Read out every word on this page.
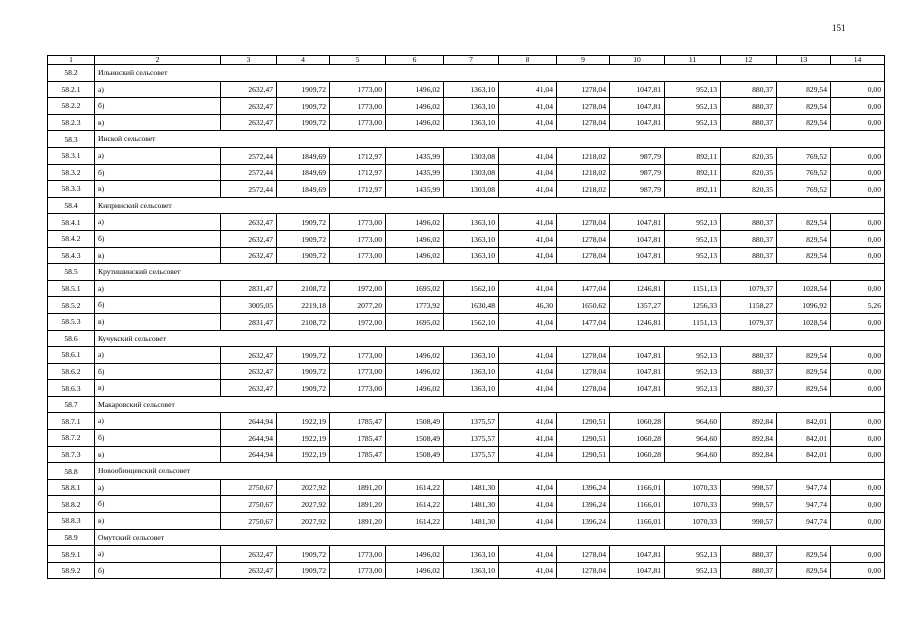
151
1	2	3	4	5	6	7	8	9	10	11	12	13	14
58.2	Ильинский сельсовет												
58.2.1	а)	2632,47	1909,72	1773,00	1496,02	1363,10	41,04	1278,04	1047,81	952,13	880,37	829,54	0,00
58.2.2	б)	2632,47	1909,72	1773,00	1496,02	1363,10	41,04	1278,04	1047,81	952,13	880,37	829,54	0,00
58.2.3	в)	2632,47	1909,72	1773,00	1496,02	1363,10	41,04	1278,04	1047,81	952,13	880,37	829,54	0,00
58.3	Инской сельсовет												
58.3.1	а)	2572,44	1849,69	1712,97	1435,99	1303,08	41,04	1218,02	987,79	892,11	820,35	769,52	0,00
58.3.2	б)	2572,44	1849,69	1712,97	1435,99	1303,08	41,04	1218,02	987,79	892,11	820,35	769,52	0,00
58.3.3	в)	2572,44	1849,69	1712,97	1435,99	1303,08	41,04	1218,02	987,79	892,11	820,35	769,52	0,00
58.4	Кипринский сельсовет												
58.4.1	а)	2632,47	1909,72	1773,00	1496,02	1363,10	41,04	1278,04	1047,81	952,13	880,37	829,54	0,00
58.4.2	б)	2632,47	1909,72	1773,00	1496,02	1363,10	41,04	1278,04	1047,81	952,13	880,37	829,54	0,00
58.4.3	в)	2632,47	1909,72	1773,00	1496,02	1363,10	41,04	1278,04	1047,81	952,13	880,37	829,54	0,00
58.5	Крутишинский сельсовет												
58.5.1	а)	2831,47	2108,72	1972,00	1695,02	1562,10	41,04	1477,04	1246,81	1151,13	1079,37	1028,54	0,00
58.5.2	б)	3005,05	2219,18	2077,20	1773,92	1630,48	46,30	1650,62	1357,27	1256,33	1158,27	1096,92	5,26
58.5.3	в)	2831,47	2108,72	1972,00	1695,02	1562,10	41,04	1477,04	1246,81	1151,13	1079,37	1028,54	0,00
58.6	Кучукский сельсовет												
58.6.1	а)	2632,47	1909,72	1773,00	1496,02	1363,10	41,04	1278,04	1047,81	952,13	880,37	829,54	0,00
58.6.2	б)	2632,47	1909,72	1773,00	1496,02	1363,10	41,04	1278,04	1047,81	952,13	880,37	829,54	0,00
58.6.3	в)	2632,47	1909,72	1773,00	1496,02	1363,10	41,04	1278,04	1047,81	952,13	880,37	829,54	0,00
58.7	Макаровский сельсовет												
58.7.1	а)	2644,94	1922,19	1785,47	1508,49	1375,57	41,04	1290,51	1060,28	964,60	892,84	842,01	0,00
58.7.2	б)	2644,94	1922,19	1785,47	1508,49	1375,57	41,04	1290,51	1060,28	964,60	892,84	842,01	0,00
58.7.3	в)	2644,94	1922,19	1785,47	1508,49	1375,57	41,04	1290,51	1060,28	964,60	892,84	842,01	0,00
58.8	Новообинцевский сельсовет												
58.8.1	а)	2750,67	2027,92	1891,20	1614,22	1481,30	41,04	1396,24	1166,01	1070,33	998,57	947,74	0,00
58.8.2	б)	2750,67	2027,92	1891,20	1614,22	1481,30	41,04	1396,24	1166,01	1070,33	998,57	947,74	0,00
58.8.3	в)	2750,67	2027,92	1891,20	1614,22	1481,30	41,04	1396,24	1166,01	1070,33	998,57	947,74	0,00
58.9	Омутский сельсовет												
58.9.1	а)	2632,47	1909,72	1773,00	1496,02	1363,10	41,04	1278,04	1047,81	952,13	880,37	829,54	0,00
58.9.2	б)	2632,47	1909,72	1773,00	1496,02	1363,10	41,04	1278,04	1047,81	952,13	880,37	829,54	0,00
